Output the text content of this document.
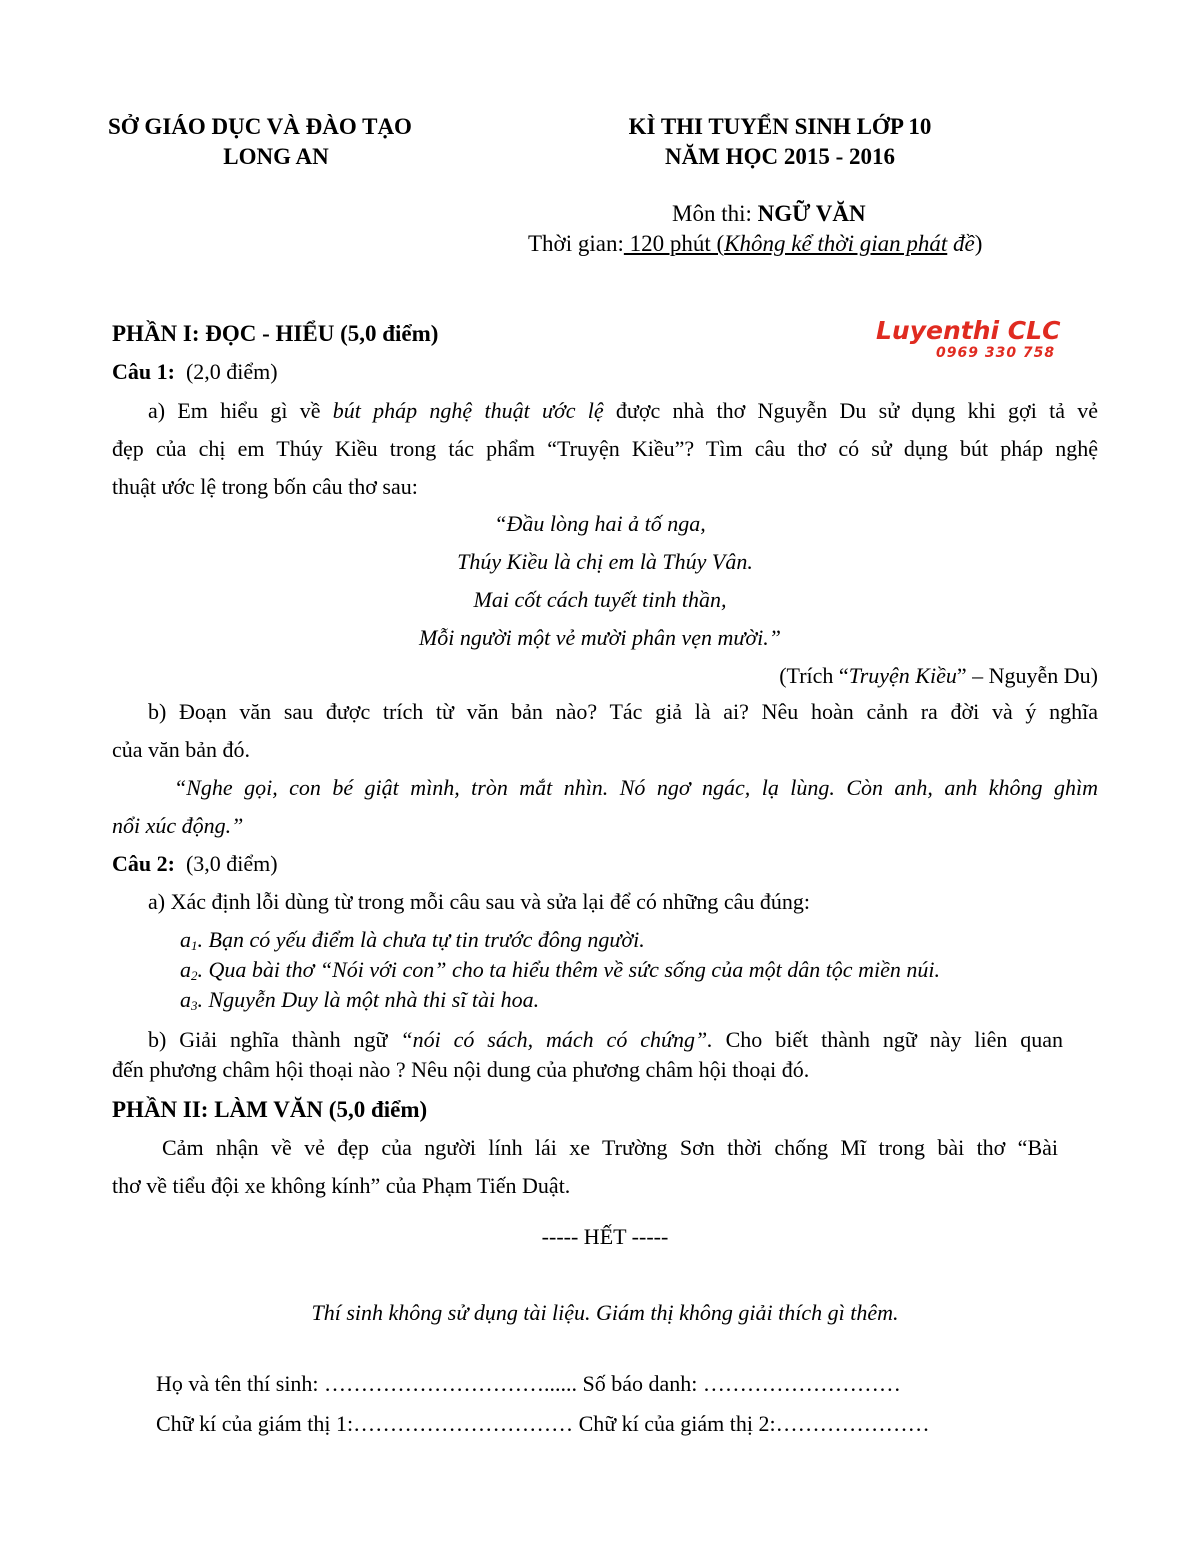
SỞ GIÁO DỤC VÀ ĐÀO TẠO
LONG AN
KÌ THI TUYỂN SINH LỚP 10
NĂM HỌC 2015 - 2016
Môn thi: NGỮ VĂN
Thời gian: 120 phút (Không kể thời gian phát đề)
Luyenthi CLC
0969 330 758
PHẦN I: ĐỌC - HIỂU (5,0 điểm)
Câu 1: (2,0 điểm)
a) Em hiểu gì về bút pháp nghệ thuật ước lệ được nhà thơ Nguyễn Du sử dụng khi gợi tả vẻ
đẹp của chị em Thúy Kiều trong tác phẩm “Truyện Kiều”? Tìm câu thơ có sử dụng bút pháp nghệ
thuật ước lệ trong bốn câu thơ sau:
“Đầu lòng hai ả tố nga,
Thúy Kiều là chị em là Thúy Vân.
Mai cốt cách tuyết tinh thần,
Mỗi người một vẻ mười phân vẹn mười.”
(Trích “Truyện Kiều” – Nguyễn Du)
b) Đoạn văn sau được trích từ văn bản nào? Tác giả là ai? Nêu hoàn cảnh ra đời và ý nghĩa
của văn bản đó.
“Nghe gọi, con bé giật mình, tròn mắt nhìn. Nó ngơ ngác, lạ lùng. Còn anh, anh không ghìm
nổi xúc động.”
Câu 2: (3,0 điểm)
a) Xác định lỗi dùng từ trong mỗi câu sau và sửa lại để có những câu đúng:
$a_1$. Bạn có yếu điểm là chưa tự tin trước đông người.
$a_2$. Qua bài thơ “Nói với con” cho ta hiểu thêm về sức sống của một dân tộc miền núi.
$a_3$. Nguyễn Duy là một nhà thi sĩ tài hoa.
b) Giải nghĩa thành ngữ “nói có sách, mách có chứng”. Cho biết thành ngữ này liên quan
đến phương châm hội thoại nào ? Nêu nội dung của phương châm hội thoại đó.
PHẦN II: LÀM VĂN (5,0 điểm)
Cảm nhận về vẻ đẹp của người lính lái xe Trường Sơn thời chống Mĩ trong bài thơ “Bài
thơ về tiểu đội xe không kính” của Phạm Tiến Duật.
----- HẾT -----
Thí sinh không sử dụng tài liệu. Giám thị không giải thích gì thêm.
Họ và tên thí sinh: …………………………...... Số báo danh: ………………………
Chữ kí của giám thị 1:………………………… Chữ kí của giám thị 2:…………………
